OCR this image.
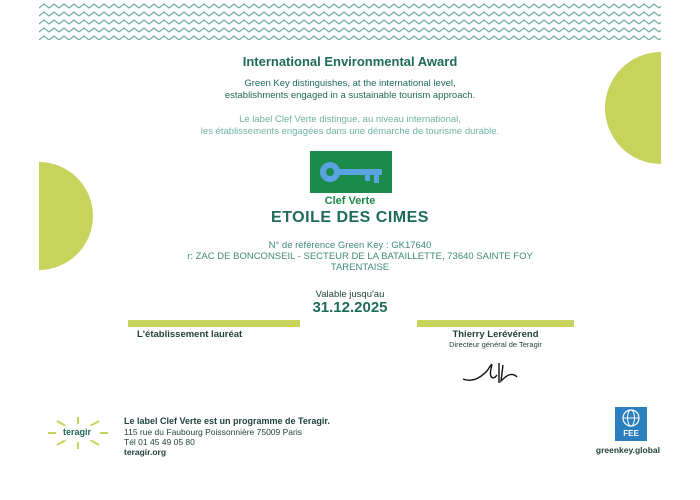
International Environmental Award
Green Key distinguishes, at the international level,
establishments engaged in a sustainable tourism approach.
Le label Clef Verte distingue, au niveau international,
les établissements engagées dans une démarche de tourisme durable.
Clef Verte
ETOILE DES CIMES
N° de référence Green Key : GK17640
r: ZAC DE BONCONSEIL - SECTEUR DE LA BATAILLETTE, 73640 SAINTE FOY
TARENTAISE
Valable jusqu'au
31.12.2025
L'établissement lauréat	Thierry Lerévérend
Directeur général de Teragir
teragir
Le label Clef Verte est un programme de Teragir.
115 rue du Faubourg Poissonnière 75009 Paris
Tél 01 45 49 05 80
teragir.org
FEE
greenkey.global
